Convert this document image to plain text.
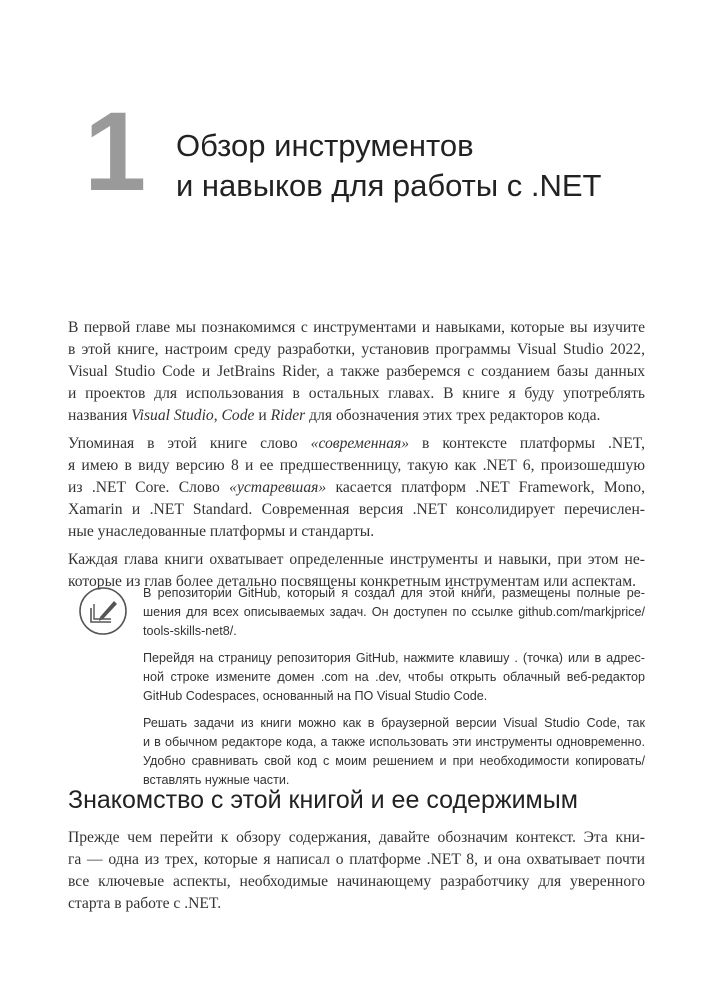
1 Обзор инструментов
и навыков для работы с .NET
В первой главе мы познакомимся с инструментами и навыками, которые вы изучите
в этой книге, настроим среду разработки, установив программы Visual Studio 2022,
Visual Studio Code и JetBrains Rider, а также разберемся с созданием базы данных
и проектов для использования в остальных главах. В книге я буду употреблять
названия Visual Studio, Code и Rider для обозначения этих трех редакторов кода.
Упоминая в этой книге слово «современная» в контексте платформы .NET,
я имею в виду версию 8 и ее предшественницу, такую как .NET 6, произошедшую
из .NET Core. Слово «устаревшая» касается платформ .NET Framework, Mono,
Xamarin и .NET Standard. Современная версия .NET консолидирует перечислен-
ные унаследованные платформы и стандарты.
Каждая глава книги охватывает определенные инструменты и навыки, при этом не-
которые из глав более детально посвящены конкретным инструментам или аспектам.
В репозитории GitHub, который я создал для этой книги, размещены полные ре-
шения для всех описываемых задач. Он доступен по ссылке github.com/markjprice/
tools-skills-net8/.
Перейдя на страницу репозитория GitHub, нажмите клавишу . (точка) или в адрес-
ной строке измените домен .com на .dev, чтобы открыть облачный веб-редактор
GitHub Codespaces, основанный на ПО Visual Studio Code.
Решать задачи из книги можно как в браузерной версии Visual Studio Code, так
и в обычном редакторе кода, а также использовать эти инструменты одновременно.
Удобно сравнивать свой код с моим решением и при необходимости копировать/
вставлять нужные части.
Знакомство с этой книгой и ее содержимым
Прежде чем перейти к обзору содержания, давайте обозначим контекст. Эта кни-
га — одна из трех, которые я написал о платформе .NET 8, и она охватывает почти
все ключевые аспекты, необходимые начинающему разработчику для уверенного
старта в работе с .NET.
